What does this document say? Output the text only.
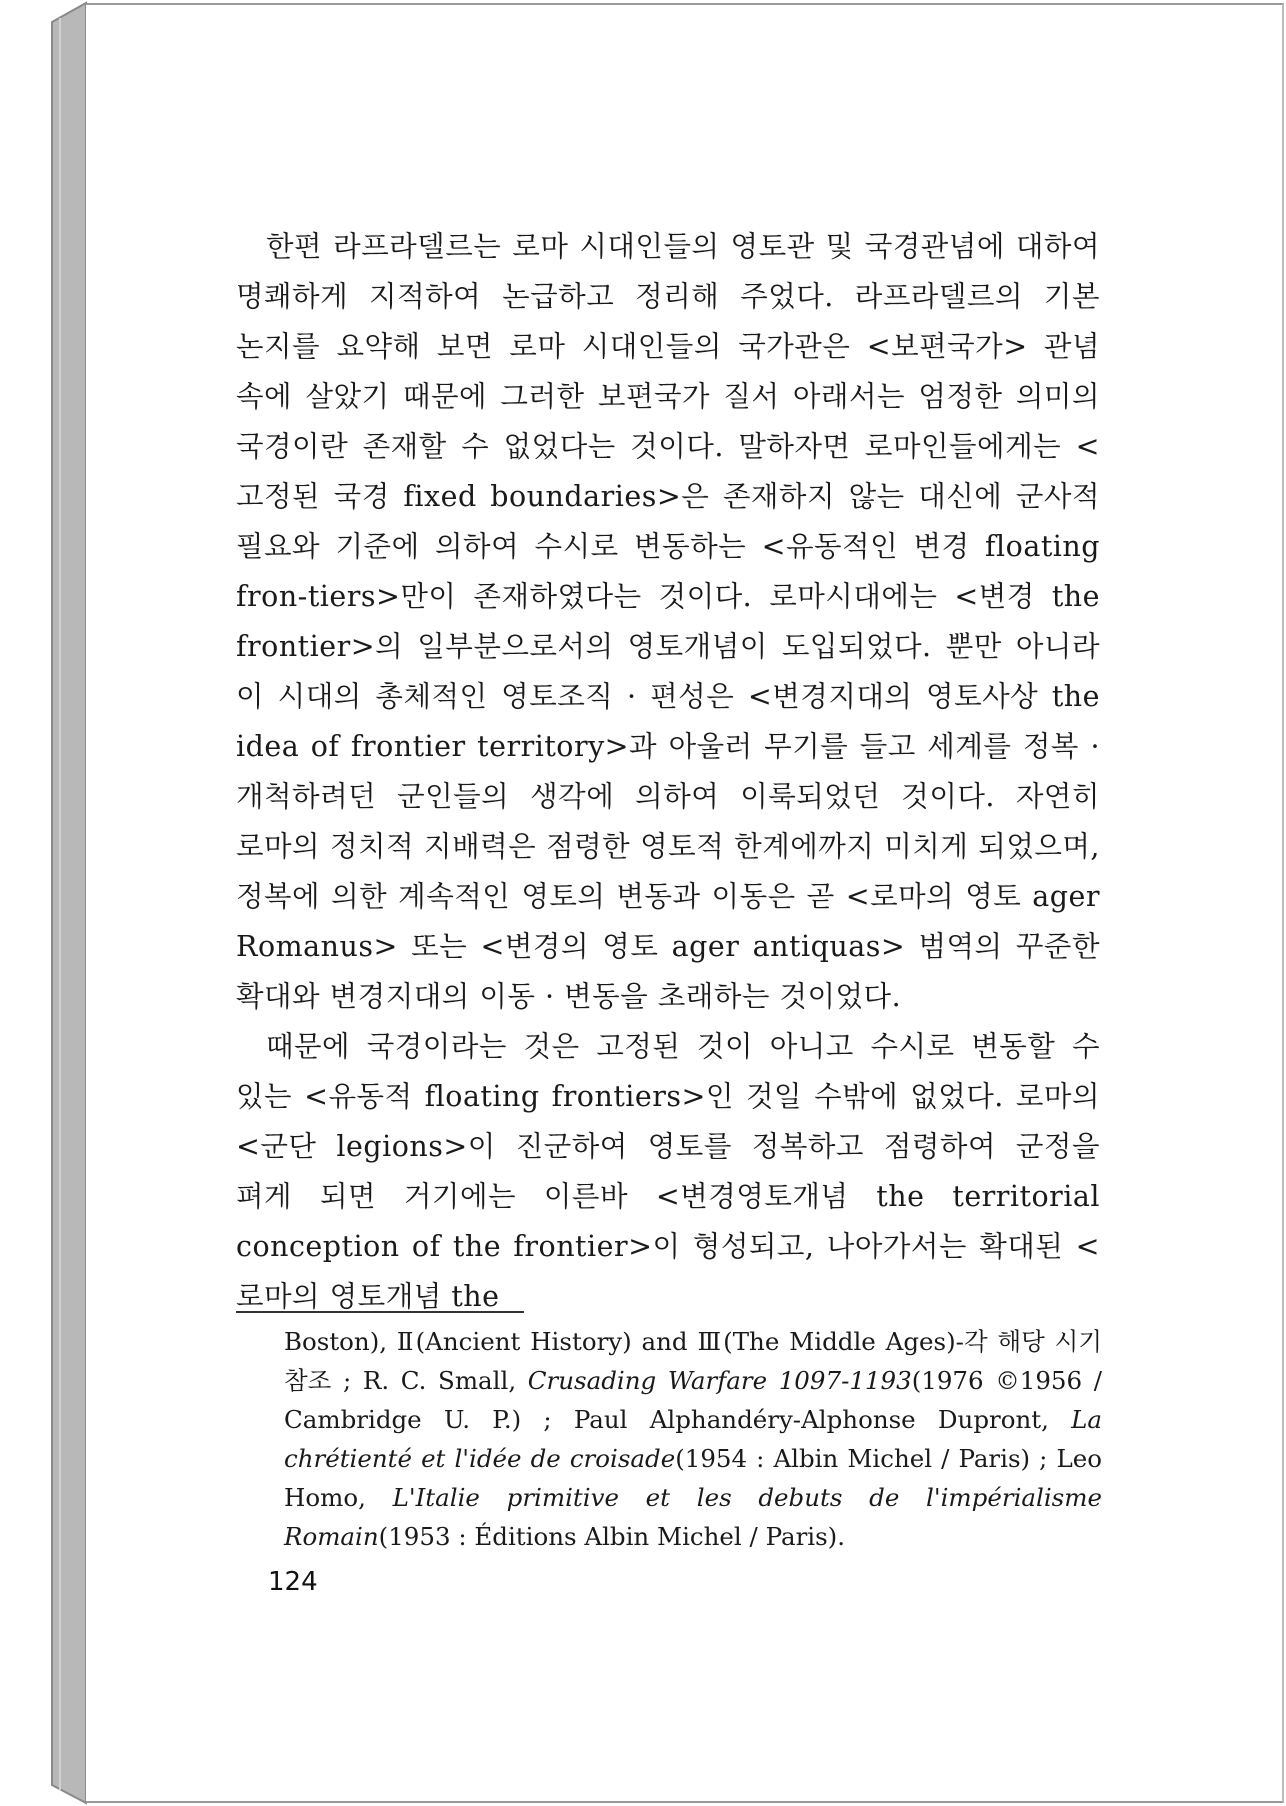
한편 라프라델르는 로마 시대인들의 영토관 및 국경관념에 대하여 명쾌하게 지적하여 논급하고 정리해 주었다. 라프라델르의 기본 논지를 요약해 보면 로마 시대인들의 국가관은 <보편국가> 관념 속에 살았기 때문에 그러한 보편국가 질서 아래서는 엄정한 의미의 국경이란 존재할 수 없었다는 것이다. 말하자면 로마인들에게는 <고정된 국경 fixed boundaries>은 존재하지 않는 대신에 군사적 필요와 기준에 의하여 수시로 변동하는 <유동적인 변경 floating fron-tiers>만이 존재하였다는 것이다. 로마시대에는 <변경 the frontier>의 일부분으로서의 영토개념이 도입되었다. 뿐만 아니라 이 시대의 총체적인 영토조직 · 편성은 <변경지대의 영토사상 the idea of frontier territory>과 아울러 무기를 들고 세계를 정복 · 개척하려던 군인들의 생각에 의하여 이룩되었던 것이다. 자연히 로마의 정치적 지배력은 점령한 영토적 한계에까지 미치게 되었으며, 정복에 의한 계속적인 영토의 변동과 이동은 곧 <로마의 영토 ager Romanus> 또는 <변경의 영토 ager antiquas> 범역의 꾸준한 확대와 변경지대의 이동 · 변동을 초래하는 것이었다.

때문에 국경이라는 것은 고정된 것이 아니고 수시로 변동할 수 있는 <유동적 floating frontiers>인 것일 수밖에 없었다. 로마의 <군단 legions>이 진군하여 영토를 정복하고 점령하여 군정을 펴게 되면 거기에는 이른바 <변경영토개념 the territorial conception of the frontier>이 형성되고, 나아가서는 확대된 <로마의 영토개념 the

Boston), Ⅱ(Ancient History) and Ⅲ(The Middle Ages)-각 해당 시기 참조 ; R. C. Small, Crusading Warfare 1097-1193(1976 ©1956 / Cambridge U. P.) ; Paul Alphandéry-Alphonse Dupront, La chrétienté et l'idée de croisade(1954 : Albin Michel / Paris) ; Leo Homo, L'Italie primitive et les debuts de l'impérialisme Romain(1953 : Éditions Albin Michel / Paris).

124
